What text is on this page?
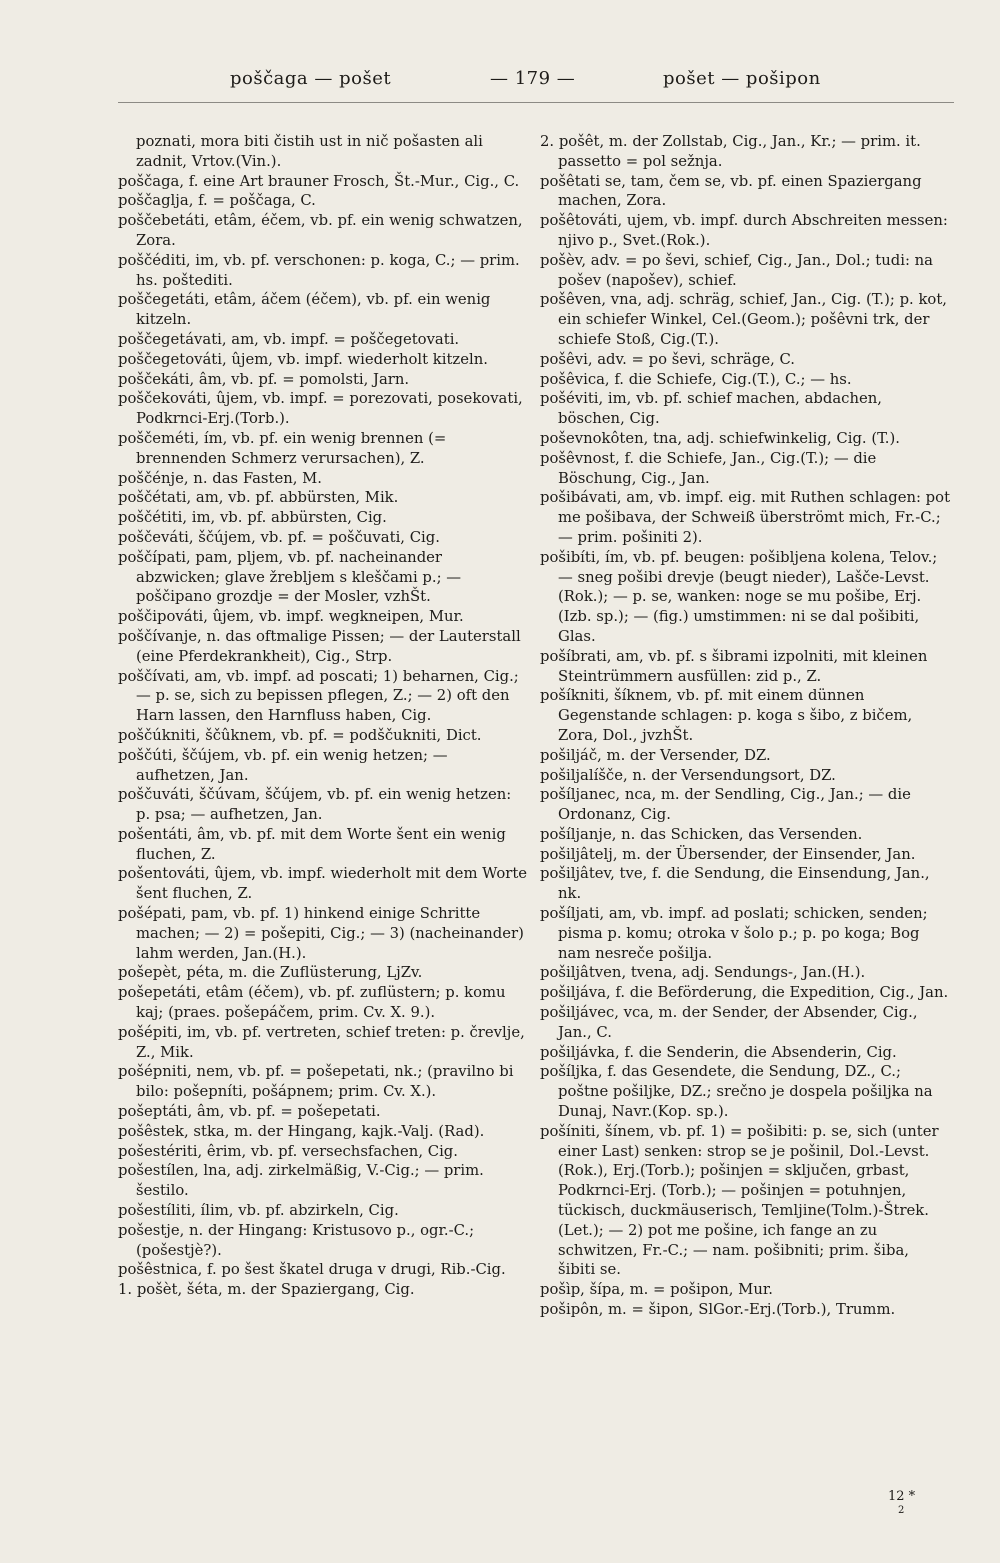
poščaga — pošet	— 179 —	pošet — pošipon

poznati, mora biti čistih ust in nič pošasten ali zadnit, Vrtov.(Vin.).

poščaga, f. eine Art brauner Frosch, Št.-Mur., Cig., C.

poščaglja, f. = poščaga, C.

poščebetáti, etâm, éčem, vb. pf. ein wenig schwatzen, Zora.

poščéditi, im, vb. pf. verschonen: p. koga, C.; — prim. hs. poštediti.

poščegetáti, etâm, áčem (éčem), vb. pf. ein wenig kitzeln.

poščegetávati, am, vb. impf. = poščegetovati.

poščegetováti, ûjem, vb. impf. wiederholt kitzeln.

poščekáti, âm, vb. pf. = pomolsti, Jarn.

poščekováti, ûjem, vb. impf. = porezovati, posekovati, Podkrnci-Erj.(Torb.).

poščeméti, ím, vb. pf. ein wenig brennen (= brennenden Schmerz verursachen), Z.

poščénje, n. das Fasten, M.

poščétati, am, vb. pf. abbürsten, Mik.

poščétiti, im, vb. pf. abbürsten, Cig.

poščeváti, ščújem, vb. pf. = poščuvati, Cig.

poščípati, pam, pljem, vb. pf. nacheinander abzwicken; glave žrebljem s kleščami p.; — poščipano grozdje = der Mosler, vzhŠt.

poščipováti, ûjem, vb. impf. wegkneipen, Mur.

poščívanje, n. das oftmalige Pissen; — der Lauterstall (eine Pferdekrankheit), Cig., Strp.

poščívati, am, vb. impf. ad poscati; 1) beharnen, Cig.; — p. se, sich zu bepissen pflegen, Z.; — 2) oft den Harn lassen, den Harnfluss haben, Cig.

poščúkniti, ščûknem, vb. pf. = podščukniti, Dict.

poščúti, ščújem, vb. pf. ein wenig hetzen; — aufhetzen, Jan.

poščuváti, ščúvam, ščújem, vb. pf. ein wenig hetzen: p. psa; — aufhetzen, Jan.

pošentáti, âm, vb. pf. mit dem Worte šent ein wenig fluchen, Z.

pošentováti, ûjem, vb. impf. wiederholt mit dem Worte šent fluchen, Z.

pošépati, pam, vb. pf. 1) hinkend einige Schritte machen; — 2) = pošepiti, Cig.; — 3) (nacheinander) lahm werden, Jan.(H.).

pošepèt, péta, m. die Zuflüsterung, LjZv.

pošepetáti, etâm (éčem), vb. pf. zuflüstern; p. komu kaj; (praes. pošepáčem, prim. Cv. X. 9.).

pošépiti, im, vb. pf. vertreten, schief treten: p. črevlje, Z., Mik.

pošépniti, nem, vb. pf. = pošepetati, nk.; (pravilno bi bilo: pošepníti, pošápnem; prim. Cv. X.).

pošeptáti, âm, vb. pf. = pošepetati.

pošêstek, stka, m. der Hingang, kajk.-Valj. (Rad).

pošestériti, êrim, vb. pf. versechsfachen, Cig.

pošestílen, lna, adj. zirkelmäßig, V.-Cig.; — prim. šestilo.

pošestíliti, ílim, vb. pf. abzirkeln, Cig.

pošestje, n. der Hingang: Kristusovo p., ogr.-C.; (pošestjè?).

pošêstnica, f. po šest škatel druga v drugi, Rib.-Cig.

1. pošèt, šéta, m. der Spaziergang, Cig.

2. pošêt, m. der Zollstab, Cig., Jan., Kr.; — prim. it. passetto = pol sežnja.

pošêtati se, tam, čem se, vb. pf. einen Spaziergang machen, Zora.

pošêtováti, ujem, vb. impf. durch Abschreiten messen: njivo p., Svet.(Rok.).

pošèv, adv. = po ševi, schief, Cig., Jan., Dol.; tudi: na pošev (napošev), schief.

pošêven, vna, adj. schräg, schief, Jan., Cig. (T.); p. kot, ein schiefer Winkel, Cel.(Geom.); pošêvni trk, der schiefe Stoß, Cig.(T.).

pošêvi, adv. = po ševi, schräge, C.

pošêvica, f. die Schiefe, Cig.(T.), C.; — hs.

pošéviti, im, vb. pf. schief machen, abdachen, böschen, Cig.

poševnokôten, tna, adj. schiefwinkelig, Cig. (T.).

pošêvnost, f. die Schiefe, Jan., Cig.(T.); — die Böschung, Cig., Jan.

pošibávati, am, vb. impf. eig. mit Ruthen schlagen: pot me pošibava, der Schweiß überströmt mich, Fr.-C.; — prim. pošiniti 2).

pošibíti, ím, vb. pf. beugen: pošibljena kolena, Telov.; — sneg pošibi drevje (beugt nieder), Lašče-Levst.(Rok.); — p. se, wanken: noge se mu pošibe, Erj.(Izb. sp.); — (fig.) umstimmen: ni se dal pošibiti, Glas.

pošíbrati, am, vb. pf. s šibrami izpolniti, mit kleinen Steintrümmern ausfüllen: zid p., Z.

pošíkniti, šíknem, vb. pf. mit einem dünnen Gegenstande schlagen: p. koga s šibo, z bičem, Zora, Dol., jvzhŠt.

pošiljáč, m. der Versender, DZ.

pošiljalíšče, n. der Versendungsort, DZ.

pošíljanec, nca, m. der Sendling, Cig., Jan.; — die Ordonanz, Cig.

pošíljanje, n. das Schicken, das Versenden.

pošiljâtelj, m. der Übersender, der Einsender, Jan.

pošiljâtev, tve, f. die Sendung, die Einsendung, Jan., nk.

pošíljati, am, vb. impf. ad poslati; schicken, senden; pisma p. komu; otroka v šolo p.; p. po koga; Bog nam nesreče pošilja.

pošiljâtven, tvena, adj. Sendungs-, Jan.(H.).

pošiljáva, f. die Beförderung, die Expedition, Cig., Jan.

pošiljávec, vca, m. der Sender, der Absender, Cig., Jan., C.

pošiljávka, f. die Senderin, die Absenderin, Cig.

pošíljka, f. das Gesendete, die Sendung, DZ., C.; poštne pošiljke, DZ.; srečno je dospela pošiljka na Dunaj, Navr.(Kop. sp.).

pošíniti, šínem, vb. pf. 1) = pošibiti: p. se, sich (unter einer Last) senken: strop se je pošinil, Dol.-Levst.(Rok.), Erj.(Torb.); pošinjen = sključen, grbast, Podkrnci-Erj. (Torb.); — pošinjen = potuhnjen, tückisch, duckmäuserisch, Temljine(Tolm.)-Štrek.(Let.); — 2) pot me pošine, ich fange an zu schwitzen, Fr.-C.; — nam. pošibniti; prim. šiba, šibiti se.

pošìp, šípa, m. = pošipon, Mur.

pošipôn, m. = šipon, SlGor.-Erj.(Torb.), Trumm.

12 *
2
